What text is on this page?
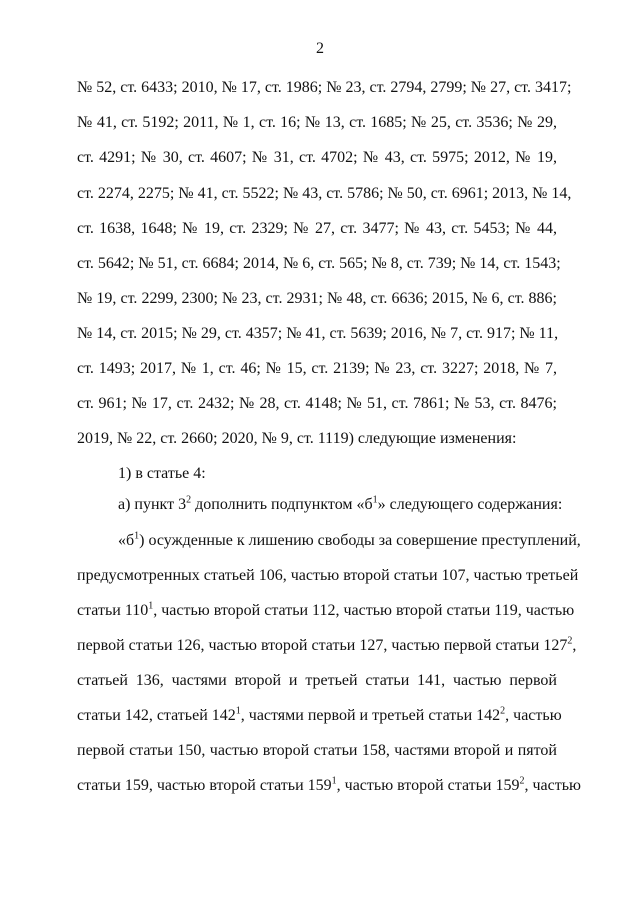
2
№ 52, ст. 6433; 2010, № 17, ст. 1986; № 23, ст. 2794, 2799; № 27, ст. 3417;
№ 41, ст. 5192; 2011, № 1, ст. 16; № 13, ст. 1685; № 25, ст. 3536; № 29,
ст. 4291; № 30, ст. 4607; № 31, ст. 4702; № 43, ст. 5975; 2012, № 19,
ст. 2274, 2275; № 41, ст. 5522; № 43, ст. 5786; № 50, ст. 6961; 2013, № 14,
ст. 1638, 1648; № 19, ст. 2329; № 27, ст. 3477; № 43, ст. 5453; № 44,
ст. 5642; № 51, ст. 6684; 2014, № 6, ст. 565; № 8, ст. 739; № 14, ст. 1543;
№ 19, ст. 2299, 2300; № 23, ст. 2931; № 48, ст. 6636; 2015, № 6, ст. 886;
№ 14, ст. 2015; № 29, ст. 4357; № 41, ст. 5639; 2016, № 7, ст. 917; № 11,
ст. 1493; 2017, № 1, ст. 46; № 15, ст. 2139; № 23, ст. 3227; 2018, № 7,
ст. 961; № 17, ст. 2432; № 28, ст. 4148; № 51, ст. 7861; № 53, ст. 8476;
2019, № 22, ст. 2660; 2020, № 9, ст. 1119) следующие изменения:
1) в статье 4:
а) пункт $3^2$ дополнить подпунктом «$б^1$» следующего содержания:
«$б^1$) осужденные к лишению свободы за совершение преступлений,
предусмотренных статьей 106, частью второй статьи 107, частью третьей
статьи $110^1$, частью второй статьи 112, частью второй статьи 119, частью
первой статьи 126, частью второй статьи 127, частью первой статьи $127^2$,
статьей 136, частями второй и третьей статьи 141, частью первой
статьи 142, статьей $142^1$, частями первой и третьей статьи $142^2$, частью
первой статьи 150, частью второй статьи 158, частями второй и пятой
статьи 159, частью второй статьи $159^1$, частью второй статьи $159^2$, частью
